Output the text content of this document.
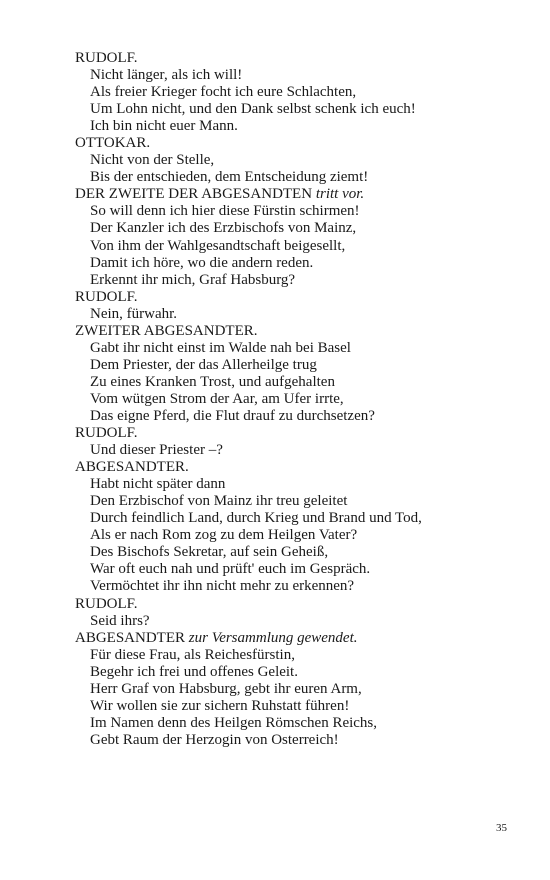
RUDOLF.
Nicht länger, als ich will!
Als freier Krieger focht ich eure Schlachten,
Um Lohn nicht, und den Dank selbst schenk ich euch!
Ich bin nicht euer Mann.
OTTOKAR.
Nicht von der Stelle,
Bis der entschieden, dem Entscheidung ziemt!
DER ZWEITE DER ABGESANDTEN tritt vor.
So will denn ich hier diese Fürstin schirmen!
Der Kanzler ich des Erzbischofs von Mainz,
Von ihm der Wahlgesandtschaft beigesellt,
Damit ich höre, wo die andern reden.
Erkennt ihr mich, Graf Habsburg?
RUDOLF.
Nein, fürwahr.
ZWEITER ABGESANDTER.
Gabt ihr nicht einst im Walde nah bei Basel
Dem Priester, der das Allerheilge trug
Zu eines Kranken Trost, und aufgehalten
Vom wütgen Strom der Aar, am Ufer irrte,
Das eigne Pferd, die Flut drauf zu durchsetzen?
RUDOLF.
Und dieser Priester –?
ABGESANDTER.
Habt nicht später dann
Den Erzbischof von Mainz ihr treu geleitet
Durch feindlich Land, durch Krieg und Brand und Tod,
Als er nach Rom zog zu dem Heilgen Vater?
Des Bischofs Sekretar, auf sein Geheiß,
War oft euch nah und prüft' euch im Gespräch.
Vermöchtet ihr ihn nicht mehr zu erkennen?
RUDOLF.
Seid ihrs?
ABGESANDTER zur Versammlung gewendet.
Für diese Frau, als Reichesfürstin,
Begehr ich frei und offenes Geleit.
Herr Graf von Habsburg, gebt ihr euren Arm,
Wir wollen sie zur sichern Ruhstatt führen!
Im Namen denn des Heilgen Römschen Reichs,
Gebt Raum der Herzogin von Osterreich!
35
